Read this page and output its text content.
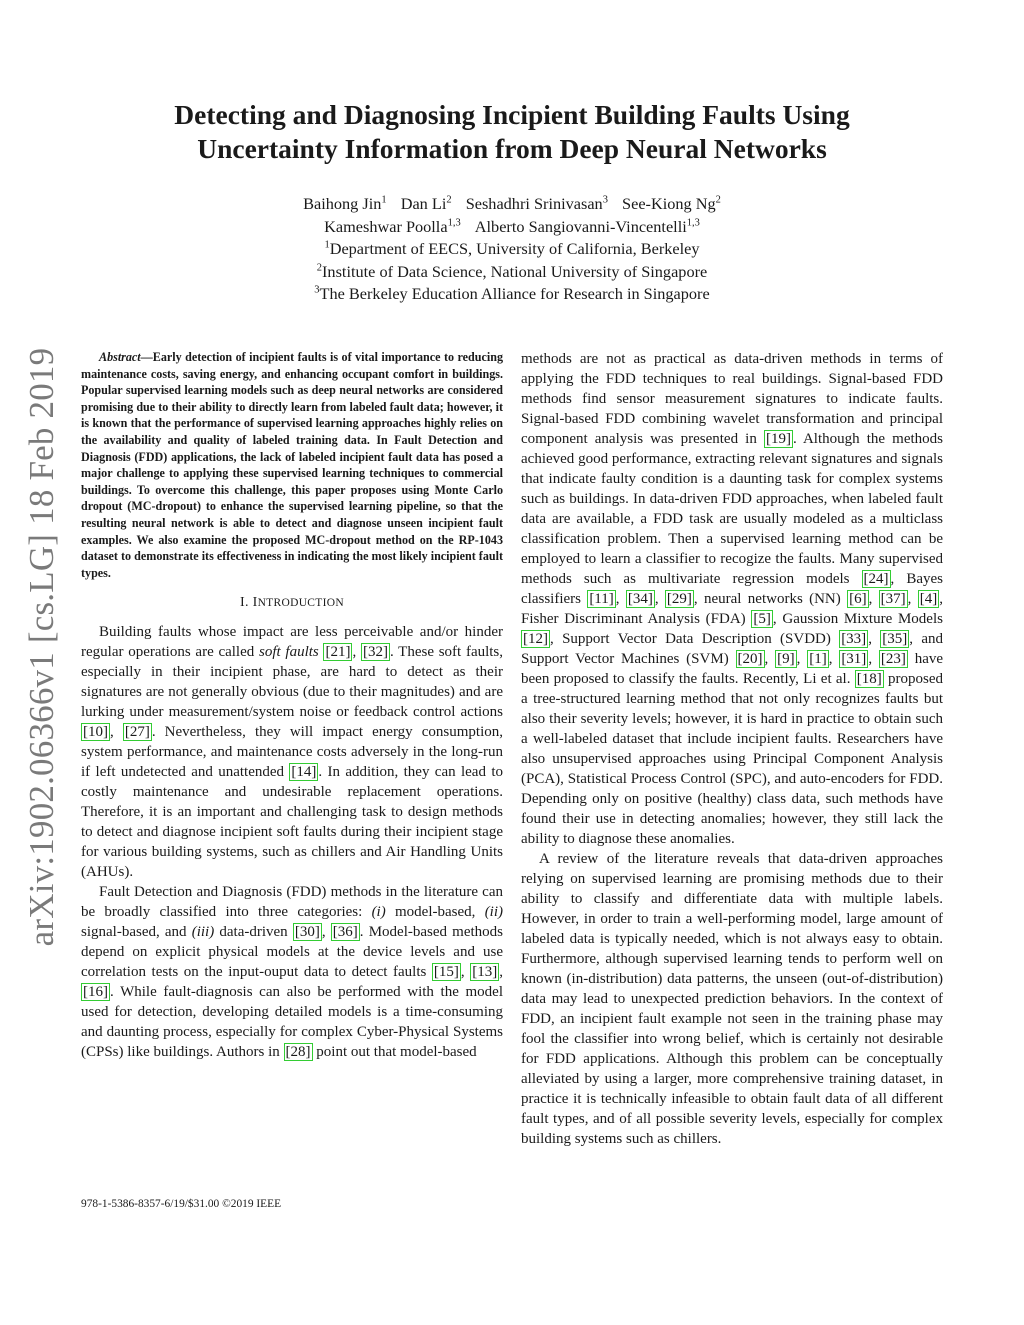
Detecting and Diagnosing Incipient Building Faults Using
Uncertainty Information from Deep Neural Networks
Baihong Jin$^1$ Dan Li$^2$ Seshadhri Srinivasan$^3$ See-Kiong Ng$^2$
Kameshwar Poolla$^{1,3}$ Alberto Sangiovanni-Vincentelli$^{1,3}$
$^1$Department of EECS, University of California, Berkeley
$^2$Institute of Data Science, National University of Singapore
$^3$The Berkeley Education Alliance for Research in Singapore
arXiv:1902.06366v1 [cs.LG] 18 Feb 2019	Abstract—Early detection of incipient faults is of vital importance to reducing maintenance costs, saving energy, and enhancing occupant comfort in buildings. Popular supervised learning models such as deep neural networks are considered promising due to their ability to directly learn from labeled fault data; however, it is known that the performance of supervised learning approaches highly relies on the availability and quality of labeled training data. In Fault Detection and Diagnosis (FDD) applications, the lack of labeled incipient fault data has posed a major challenge to applying these supervised learning techniques to commercial buildings. To overcome this challenge, this paper proposes using Monte Carlo dropout (MC-dropout) to enhance the supervised learning pipeline, so that the resulting neural network is able to detect and diagnose unseen incipient fault examples. We also examine the proposed MC-dropout method on the RP-1043 dataset to demonstrate its effectiveness in indicating the most likely incipient fault types.

I. INTRODUCTION

Building faults whose impact are less perceivable and/or hinder regular operations are called soft faults [21] , [32] . These soft faults, especially in their incipient phase, are hard to detect as their signatures are not generally obvious (due to their magnitudes) and are lurking under measurement/system noise or feedback control actions [10] , [27] . Nevertheless, they will impact energy consumption, system performance, and maintenance costs adversely in the long-run if left undetected and unattended [14] . In addition, they can lead to costly maintenance and undesirable replacement operations. Therefore, it is an important and challenging task to design methods to detect and diagnose incipient soft faults during their incipient stage for various building systems, such as chillers and Air Handling Units (AHUs).

Fault Detection and Diagnosis (FDD) methods in the literature can be broadly classified into three categories: (i) model-based, (ii) signal-based, and (iii) data-driven [30] , [36] . Model-based methods depend on explicit physical models at the device levels and use correlation tests on the input-ouput data to detect faults [15] , [13] , [16] . While fault-diagnosis can also be performed with the model used for detection, developing detailed models is a time-consuming and daunting process, especially for complex Cyber-Physical Systems (CPSs) like buildings. Authors in [28] point out that model-based

methods are not as practical as data-driven methods in terms of applying the FDD techniques to real buildings. Signal-based FDD methods find sensor measurement signatures to indicate faults. Signal-based FDD combining wavelet transformation and principal component analysis was presented in [19] . Although the methods achieved good performance, extracting relevant signatures and signals that indicate faulty condition is a daunting task for complex systems such as buildings. In data-driven FDD approaches, when labeled fault data are available, a FDD task are usually modeled as a multiclass classification problem. Then a supervised learning method can be employed to learn a classifier to recogize the faults. Many supervised methods such as multivariate regression models [24] , Bayes classifiers [11] , [34] , [29] , neural networks (NN) [6] , [37] , [4] , Fisher Discriminant Analysis (FDA) [5] , Gaussion Mixture Models [12] , Support Vector Data Description (SVDD) [33] , [35] , and Support Vector Machines (SVM) [20] , [9] , [1] , [31] , [23] have been proposed to classify the faults. Recently, Li et al. [18] proposed a tree-structured learning method that not only recognizes faults but also their severity levels; however, it is hard in practice to obtain such a well-labeled dataset that include incipient faults. Researchers have also unsupervised approaches using Principal Component Analysis (PCA), Statistical Process Control (SPC), and auto-encoders for FDD. Depending only on positive (healthy) class data, such methods have found their use in detecting anomalies; however, they still lack the ability to diagnose these anomalies.

A review of the literature reveals that data-driven approaches relying on supervised learning are promising methods due to their ability to classify and differentiate data with multiple labels. However, in order to train a well-performing model, large amount of labeled data is typically needed, which is not always easy to obtain. Furthermore, although supervised learning tends to perform well on known (in-distribution) data patterns, the unseen (out-of-distribution) data may lead to unexpected prediction behaviors. In the context of FDD, an incipient fault example not seen in the training phase may fool the classifier into wrong belief, which is certainly not desirable for FDD applications. Although this problem can be conceptually alleviated by using a larger, more comprehensive training dataset, in practice it is technically infeasible to obtain fault data of all different fault types, and of all possible severity levels, especially for complex building systems such as chillers.

978-1-5386-8357-6/19/$31.00 ©2019 IEEE
